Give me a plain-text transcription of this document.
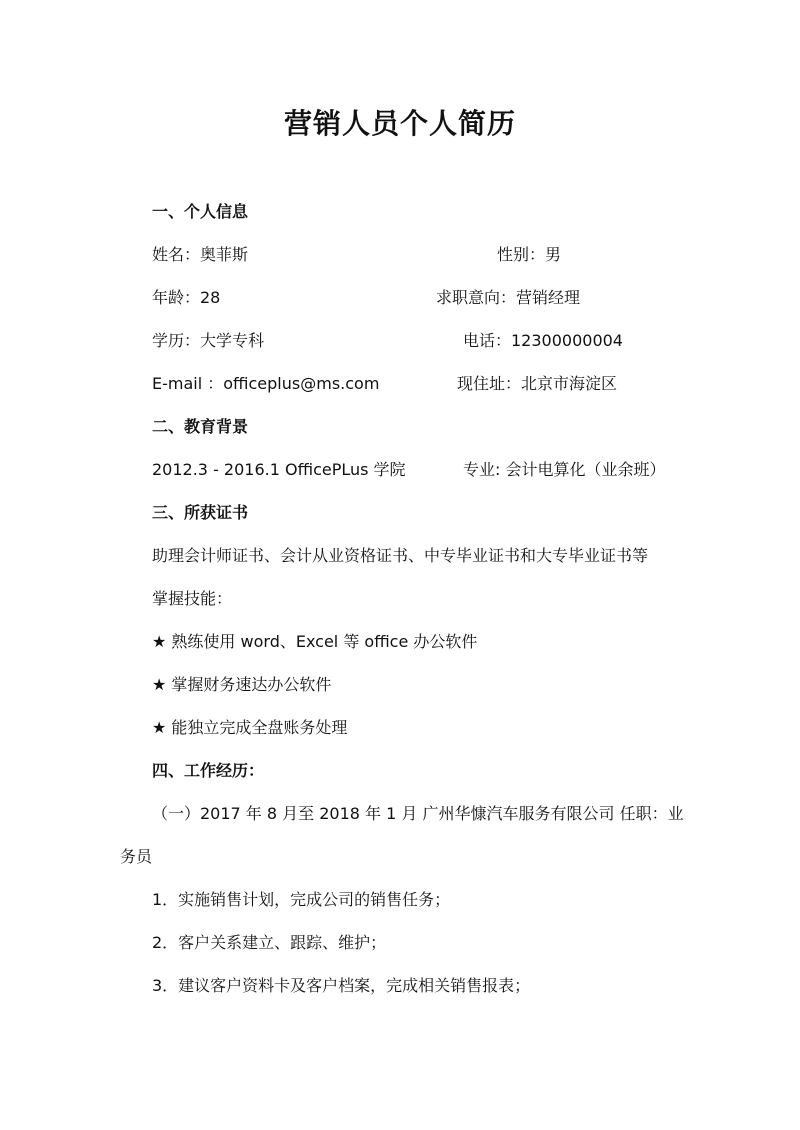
营销人员个人简历
一、个人信息
姓名：奥菲斯	性别：男
年龄：28	求职意向：营销经理
学历：大学专科	电话：12300000004
E-mail ：officeplus@ms.com	现住址：北京市海淀区
二、教育背景
2012.3 - 2016.1 OfficePLus 学院	专业: 会计电算化（业余班）
三、所获证书
助理会计师证书、会计从业资格证书、中专毕业证书和大专毕业证书等
掌握技能：
★ 熟练使用 word、Excel 等 office 办公软件
★ 掌握财务速达办公软件
★ 能独立完成全盘账务处理
四、工作经历：
（一）2017 年 8 月至 2018 年 1 月 广州华慷汽车服务有限公司 任职：业
务员
1．实施销售计划，完成公司的销售任务；
2．客户关系建立、跟踪、维护；
3．建议客户资料卡及客户档案，完成相关销售报表；
